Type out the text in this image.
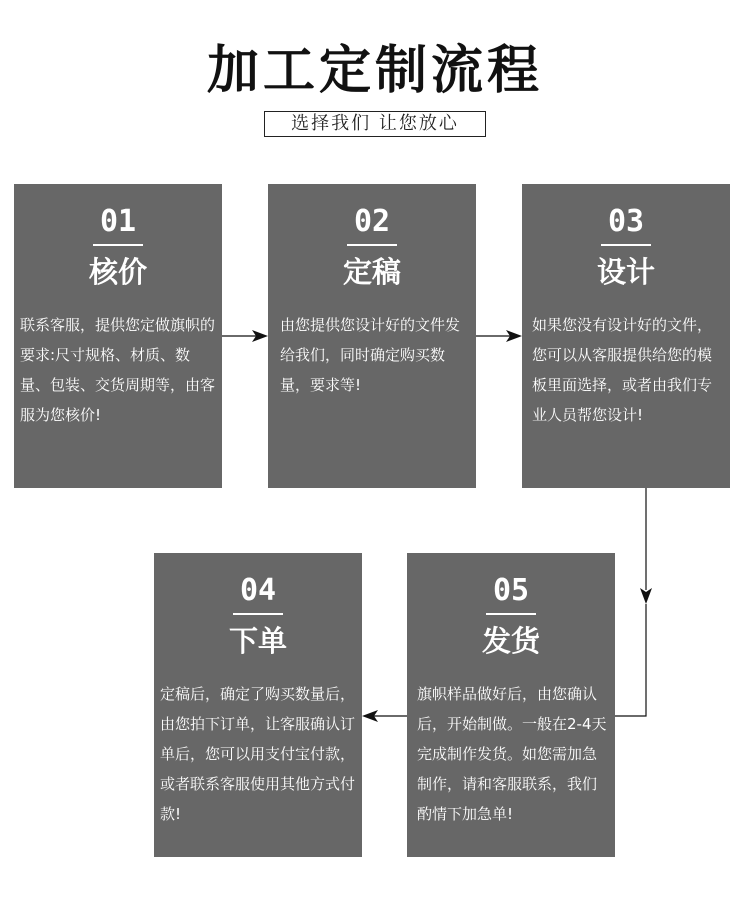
加工定制流程
选择我们 让您放心
01
核价

联系客服，提供您定做旗帜的要求:尺寸规格、材质、数量、包装、交货周期等，由客服为您核价!

02
定稿

由您提供您设计好的文件发给我们，同时确定购买数量，要求等!

03
设计

如果您没有设计好的文件，您可以从客服提供给您的模板里面选择，或者由我们专业人员帮您设计!

04
下单

定稿后，确定了购买数量后，由您拍下订单，让客服确认订单后，您可以用支付宝付款，或者联系客服使用其他方式付款!

05
发货

旗帜样品做好后，由您确认后，开始制做。一般在2-4天完成制作发货。如您需加急制作，请和客服联系，我们酌情下加急单!
